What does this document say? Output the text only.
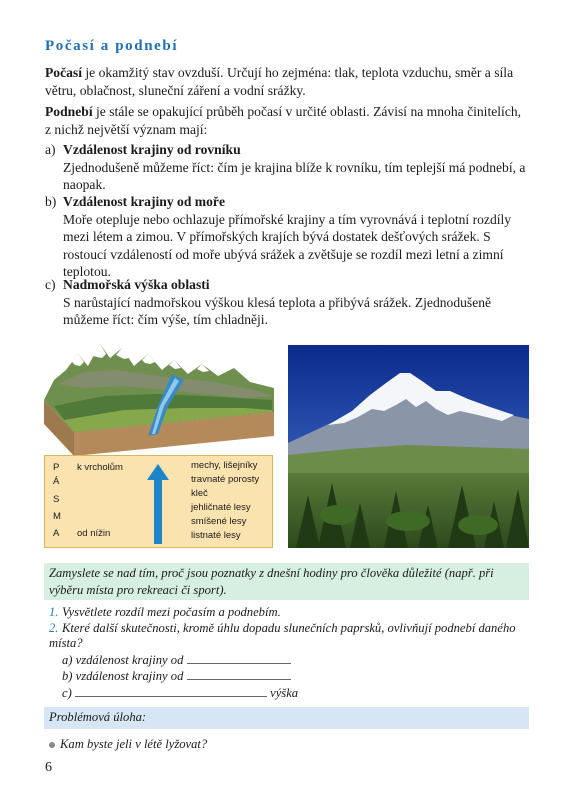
Počasí a podnebí

Počasí je okamžitý stav ovzduší. Určují ho zejména: tlak, teplota vzduchu, směr a síla větru, oblačnost, sluneční záření a vodní srážky.

Podnebí je stále se opakující průběh počasí v určité oblasti. Závisí na mnoha činitelích, z nichž největší význam mají:

a) Vzdálenost krajiny od rovníku

Zjednodušeně můžeme říct: čím je krajina blíže k rovníku, tím teplejší má podnebí, a naopak.

b) Vzdálenost krajiny od moře

Moře otepluje nebo ochlazuje přímořské krajiny a tím vyrovnává i teplotní rozdíly mezi létem a zimou. V přímořských krajích bývá dostatek dešťových srážek. S rostoucí vzdáleností od moře ubývá srážek a zvětšuje se rozdíl mezi letní a zimní teplotou.

c) Nadmořská výška oblasti

S narůstající nadmořskou výškou klesá teplota a přibývá srážek. Zjednodušeně můžeme říct: čím výše, tím chladněji.

P
Á
S
M
A
k vrcholům
od nížin
mechy, lišejníky
travnaté porosty
kleč
jehličnaté lesy
smíšené lesy
listnaté lesy

Zamyslete se nad tím, proč jsou poznatky z dnešní hodiny pro člověka důležité (např. při výběru místa pro rekreaci či sport).

1. Vysvětlete rozdíl mezi počasím a podnebím.
2. Které další skutečnosti, kromě úhlu dopadu slunečních paprsků, ovlivňují podnebí daného místa?
a) vzdálenost krajiny od
b) vzdálenost krajiny od
c)	výška

Problémová úloha:

Kam byste jeli v létě lyžovat?

6
